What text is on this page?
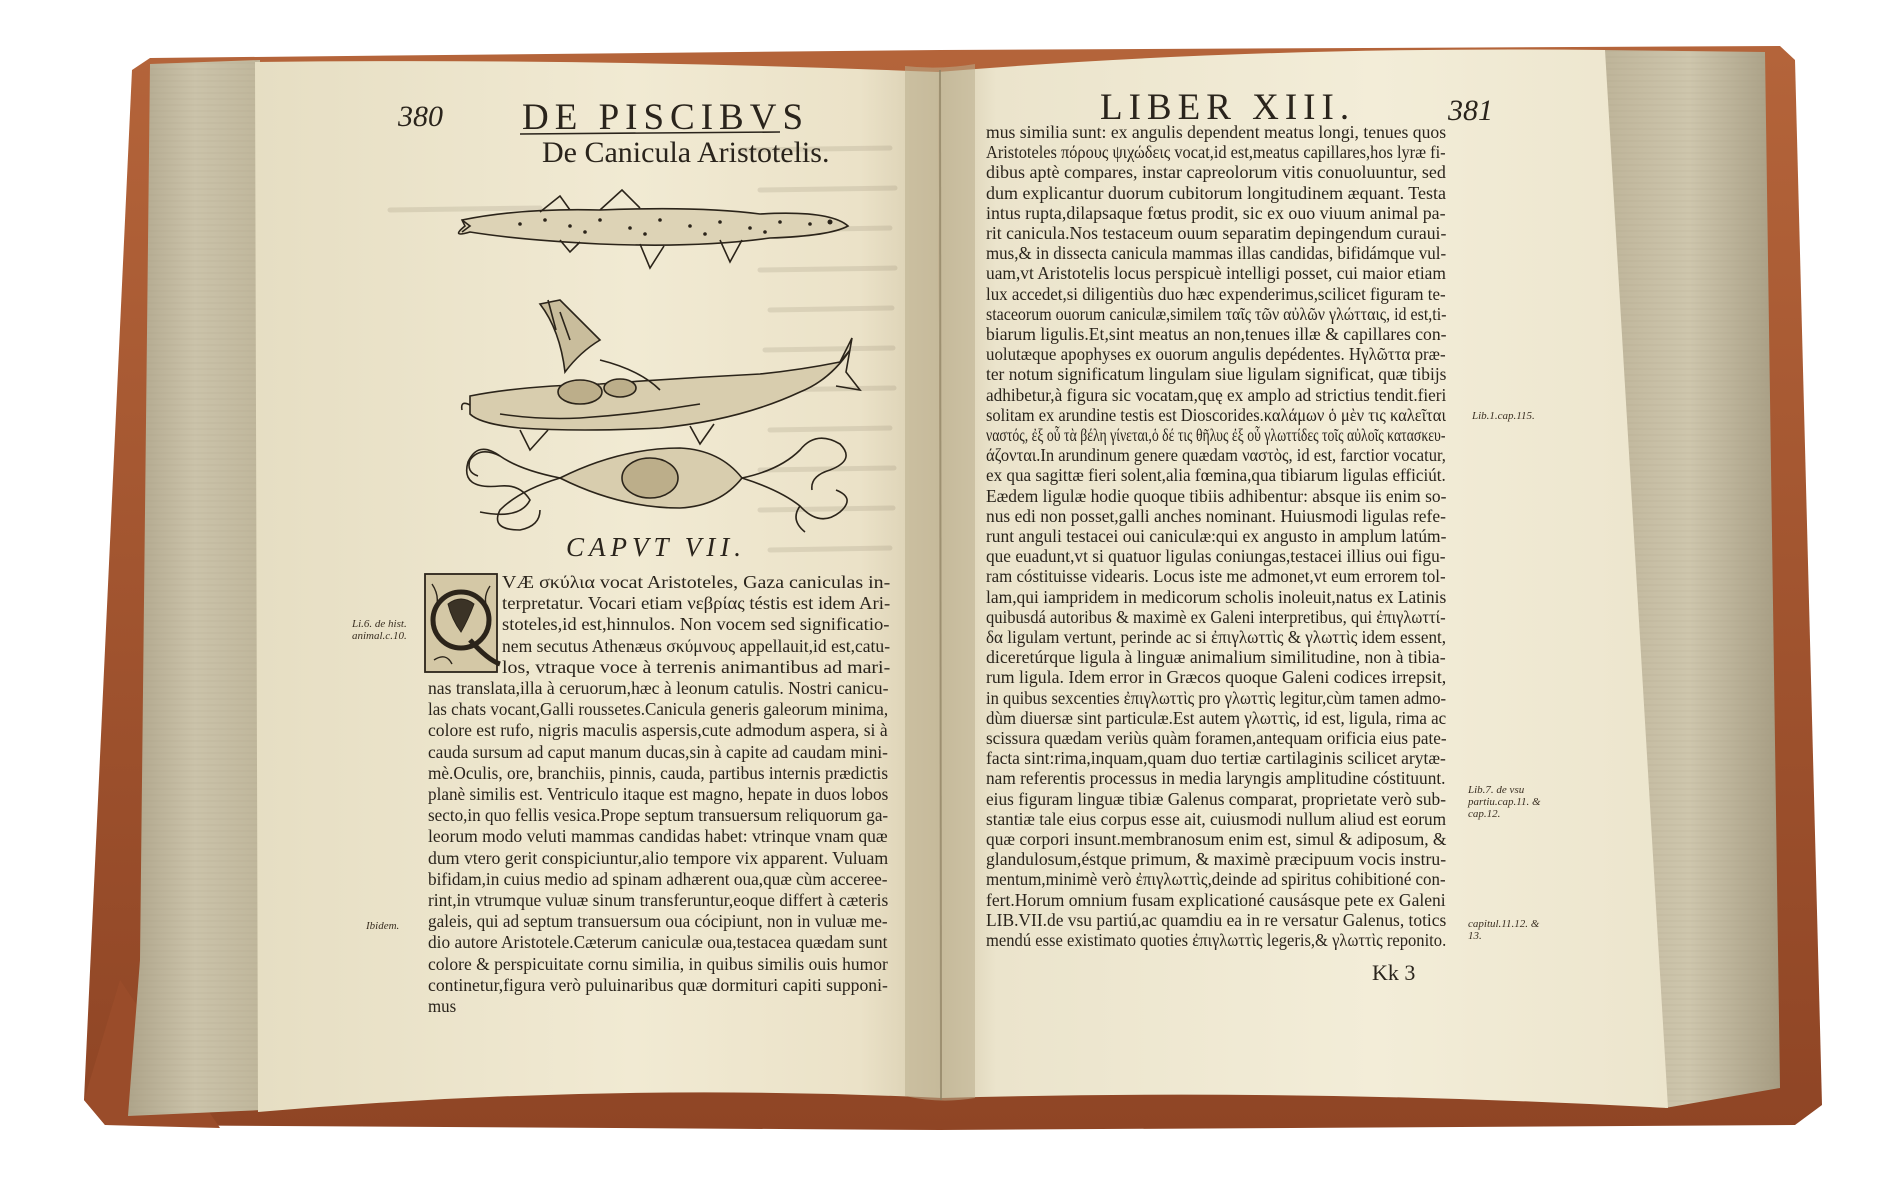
380 DE PISCIBVS
De Canicula Aristotelis.
CAPVT VII.
Li.6. de hist. animal.c.10.
Ibidem.
VÆ σκύλια vocat Aristoteles, Gaza caniculas in-
terpretatur. Vocari etiam νεβρίας téstis est idem Ari-
stoteles,id est,hinnulos. Non vocem sed significatio-
nem secutus Athenæus σκύμνους appellauit,id est,catu-
los, vtraque voce à terrenis animantibus ad mari-
nas translata,illa à ceruorum,hæc à leonum catulis. Nostri canicu-
las chats vocant,Galli roussetes.Canicula generis galeorum minima,
colore est rufo, nigris maculis aspersis,cute admodum aspera, si à
cauda sursum ad caput manum ducas,sin à capite ad caudam mini-
mè.Oculis, ore, branchiis, pinnis, cauda, partibus internis prædictis
planè similis est. Ventriculo itaque est magno, hepate in duos lobos
secto,in quo fellis vesica.Prope septum transuersum reliquorum ga-
leorum modo veluti mammas candidas habet: vtrinque vnam quæ
dum vtero gerit conspiciuntur,alio tempore vix apparent. Vuluam
bifidam,in cuius medio ad spinam adhærent oua,quæ cùm acceree-
rint,in vtrumque vuluæ sinum transferuntur,eoque differt à cæteris
galeis, qui ad septum transuersum oua cócipiunt, non in vuluæ me-
dio autore Aristotele.Cæterum caniculæ oua,testacea quædam sunt
colore & perspicuitate cornu similia, in quibus similis ouis humor
continetur,figura verò puluinaribus quæ dormituri capiti supponi-
mus
LIBER XIII.	381
Lib.1.cap.115.
Lib.7. de vsu partiu.cap.11. & cap.12.
capitul.11.12. & 13.
mus similia sunt: ex angulis dependent meatus longi, tenues quos
Aristoteles πόρους ψιχώδεις vocat,id est,meatus capillares,hos lyræ fi-
dibus aptè compares, instar capreolorum vitis conuoluuntur, sed
dum explicantur duorum cubitorum longitudinem æquant. Testa
intus rupta,dilapsaque fœtus prodit, sic ex ouo viuum animal pa-
rit canicula.Nos testaceum ouum separatim depingendum curaui-
mus,& in dissecta canicula mammas illas candidas, bifidámque vul-
uam,vt Aristotelis locus perspicuè intelligi posset, cui maior etiam
lux accedet,si diligentiùs duo hæc expenderimus,scilicet figuram te-
staceorum ouorum caniculæ,similem ταῖς τῶν αὐλῶν γλώτταις, id est,ti-
biarum ligulis.Et,sint meatus an non,tenues illæ & capillares con-
uolutæque apophyses ex ouorum angulis depédentes. Ηγλῶττα præ-
ter notum significatum lingulam siue ligulam significat, quæ tibijs
adhibetur,à figura sic vocatam,quę ex amplo ad strictius tendit.fieri
solitam ex arundine testis est Dioscorides.καλάμων ὁ μὲν τις καλεῖται
ναστός, ἐξ οὗ τὰ βέλη γίνεται,ὁ δέ τις θῆλυς ἐξ οὗ γλωττίδες τοῖς αὐλοῖς κατασκευ-
άζονται.In arundinum genere quædam ναστὸς, id est, farctior vocatur,
ex qua sagittæ fieri solent,alia fœmina,qua tibiarum ligulas efficiút.
Eædem ligulæ hodie quoque tibiis adhibentur: absque iis enim so-
nus edi non posset,galli anches nominant. Huiusmodi ligulas refe-
runt anguli testacei oui caniculæ:qui ex angusto in amplum latúm-
que euadunt,vt si quatuor ligulas coniungas,testacei illius oui figu-
ram cóstituisse videaris. Locus iste me admonet,vt eum errorem tol-
lam,qui iampridem in medicorum scholis inoleuit,natus ex Latinis
quibusdá autoribus & maximè ex Galeni interpretibus, qui ἐπιγλωττί-
δα ligulam vertunt, perinde ac si ἐπιγλωττὶς & γλωττὶς idem essent,
diceretúrque ligula à linguæ animalium similitudine, non à tibia-
rum ligula. Idem error in Græcos quoque Galeni codices irrepsit,
in quibus sexcenties ἐπιγλωττὶς pro γλωττὶς legitur,cùm tamen admo-
dùm diuersæ sint particulæ.Est autem γλωττὶς, id est, ligula, rima ac
scissura quædam veriùs quàm foramen,antequam orificia eius pate-
facta sint:rima,inquam,quam duo tertiæ cartilaginis scilicet arytæ-
nam referentis processus in media laryngis amplitudine cóstituunt.
eius figuram linguæ tibiæ Galenus comparat, proprietate verò sub-
stantiæ tale eius corpus esse ait, cuiusmodi nullum aliud est eorum
quæ corpori insunt.membranosum enim est, simul & adiposum, &
glandulosum,éstque primum, & maximè præcipuum vocis instru-
mentum,minimè verò ἐπιγλωττὶς,deinde ad spiritus cohibitioné con-
fert.Horum omnium fusam explicationé causásque pete ex Galeni
LIB.VII.de vsu partiú,ac quamdiu ea in re versatur Galenus, totics
mendú esse existimato quoties ἐπιγλωττὶς legeris,& γλωττὶς reponito.
Kk 3
